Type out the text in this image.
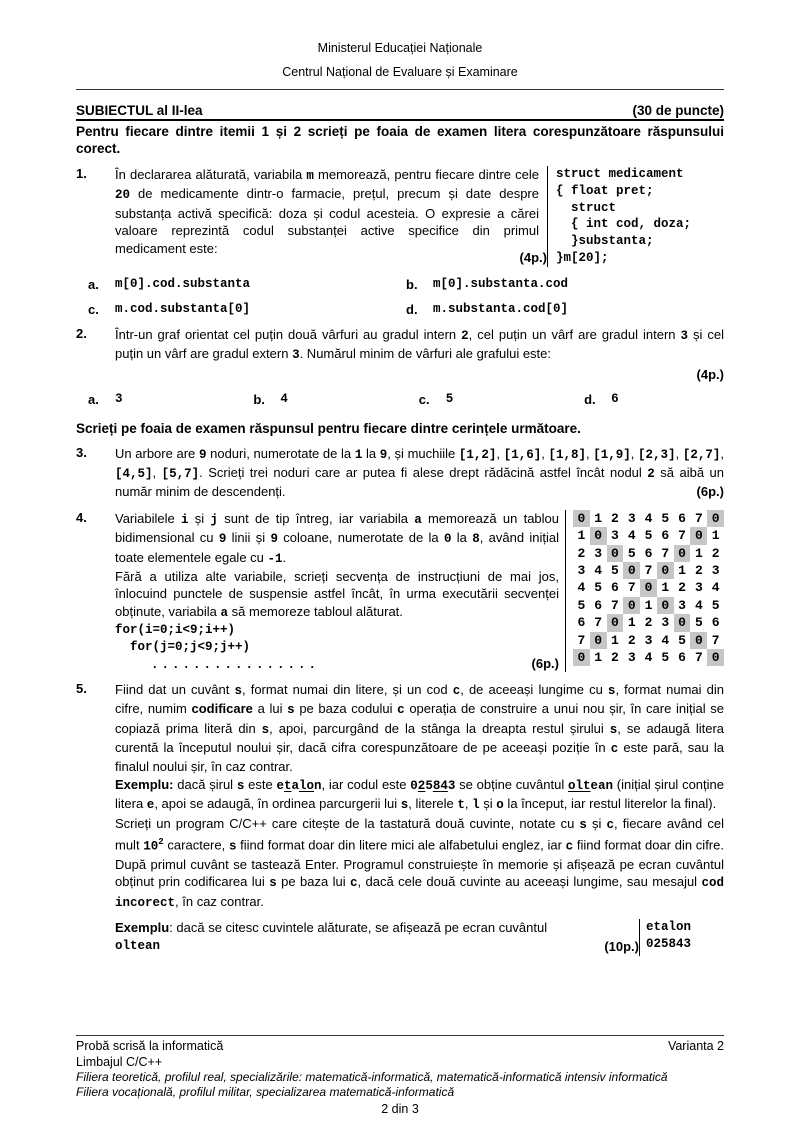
Ministerul Educației Naționale
Centrul Național de Evaluare și Examinare
SUBIECTUL al II-lea	(30 de puncte)
Pentru fiecare dintre itemii 1 și 2 scrieți pe foaia de examen litera corespunzătoare răspunsului corect.
1.	În declararea alăturată, variabila m memorează, pentru fiecare dintre cele 20 de medicamente dintr-o farmacie, prețul, precum și date despre substanța activă specifică: doza și codul acesteia. O expresie a cărei valoare reprezintă codul substanței active specifice din primul medicament este:
(4p.)
struct medicament
{ float pret;
struct
{ int cod, doza;
}substanta;
}m[20];
a.	m[0].cod.substanta	b.	m[0].substanta.cod
c.	m.cod.substanta[0]	d.	m.substanta.cod[0]
2.	Într-un graf orientat cel puțin două vârfuri au gradul intern 2, cel puțin un vârf are gradul intern 3 și cel puțin un vârf are gradul extern 3. Numărul minim de vârfuri ale grafului este:
(4p.)
a.	3	b.	4	c.	5	d.	6
Scrieți pe foaia de examen răspunsul pentru fiecare dintre cerințele următoare.
3.	Un arbore are 9 noduri, numerotate de la 1 la 9, și muchiile [1,2], [1,6], [1,8], [1,9], [2,3], [2,7], [4,5], [5,7]. Scrieți trei noduri care ar putea fi alese drept rădăcină astfel încât nodul 2 să aibă un număr minim de descendenți.	(6p.)
4.	Variabilele i și j sunt de tip întreg, iar variabila a memorează un tablou bidimensional cu 9 linii și 9 coloane, numerotate de la 0 la 8, având inițial toate elementele egale cu -1.
Fără a utiliza alte variabile, scrieți secvența de instrucțiuni de mai jos, înlocuind punctele de suspensie astfel încât, în urma executării secvenței obținute, variabila a să memoreze tabloul alăturat.
for(i=0;i<9;i++)
for(j=0;j<9;j++)
................	(6p.)
0 1 2 3 4 5 6 7 0
1 0 3 4 5 6 7 0 1
2 3 0 5 6 7 0 1 2
3 4 5 0 7 0 1 2 3
4 5 6 7 0 1 2 3 4
5 6 7 0 1 0 3 4 5
6 7 0 1 2 3 0 5 6
7 0 1 2 3 4 5 0 7
0 1 2 3 4 5 6 7 0
5.	Fiind dat un cuvânt s, format numai din litere, și un cod c, de aceeași lungime cu s, format numai din cifre, numim codificare a lui s pe baza codului c operația de construire a unui nou șir, în care inițial se copiază prima literă din s, apoi, parcurgând de la stânga la dreapta restul șirului s, se adaugă litera curentă la începutul noului șir, dacă cifra corespunzătoare de pe aceeași poziție în c este pară, sau la finalul noului șir, în caz contrar.
Exemplu: dacă șirul s este etalon, iar codul este 025843 se obține cuvântul oltean (inițial șirul conține litera e, apoi se adaugă, în ordinea parcurgerii lui s, literele t, l și o la început, iar restul literelor la final).
Scrieți un program C/C++ care citește de la tastatură două cuvinte, notate cu s și c, fiecare având cel mult $10^2$ caractere, s fiind format doar din litere mici ale alfabetului englez, iar c fiind format doar din cifre. După primul cuvânt se tastează Enter. Programul construiește în memorie și afișează pe ecran cuvântul obținut prin codificarea lui s pe baza lui c, dacă cele două cuvinte au aceeași lungime, sau mesajul cod incorect, în caz contrar.
Exemplu: dacă se citesc cuvintele alăturate, se afișează pe ecran cuvântul
oltean	(10p.)
etalon
025843
Probă scrisă la informatică	Varianta 2
Limbajul C/C++
Filiera teoretică, profilul real, specializările: matematică-informatică, matematică-informatică intensiv informatică
Filiera vocațională, profilul militar, specializarea matematică-informatică
2 din 3
